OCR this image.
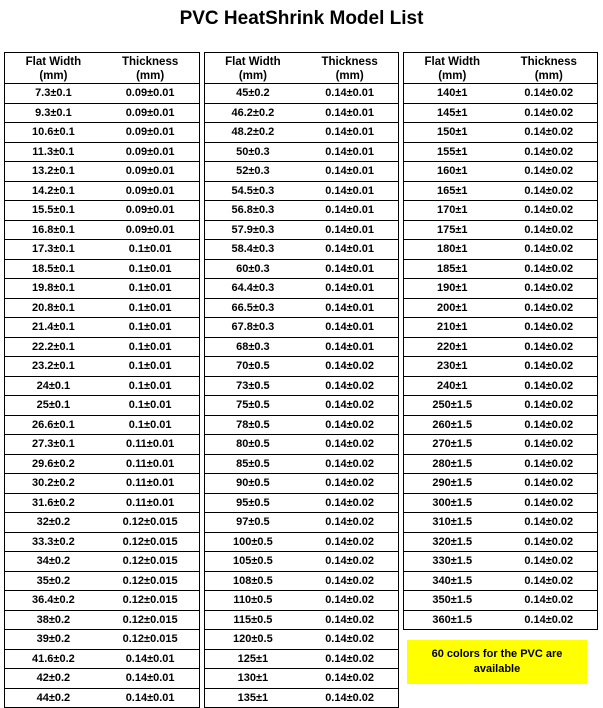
PVC HeatShrink Model List
Flat Width
(mm)
Thickness
(mm)
7.3±0.1	0.09±0.01
9.3±0.1	0.09±0.01
10.6±0.1	0.09±0.01
11.3±0.1	0.09±0.01
13.2±0.1	0.09±0.01
14.2±0.1	0.09±0.01
15.5±0.1	0.09±0.01
16.8±0.1	0.09±0.01
17.3±0.1	0.1±0.01
18.5±0.1	0.1±0.01
19.8±0.1	0.1±0.01
20.8±0.1	0.1±0.01
21.4±0.1	0.1±0.01
22.2±0.1	0.1±0.01
23.2±0.1	0.1±0.01
24±0.1	0.1±0.01
25±0.1	0.1±0.01
26.6±0.1	0.1±0.01
27.3±0.1	0.11±0.01
29.6±0.2	0.11±0.01
30.2±0.2	0.11±0.01
31.6±0.2	0.11±0.01
32±0.2	0.12±0.015
33.3±0.2	0.12±0.015
34±0.2	0.12±0.015
35±0.2	0.12±0.015
36.4±0.2	0.12±0.015
38±0.2	0.12±0.015
39±0.2	0.12±0.015
41.6±0.2	0.14±0.01
42±0.2	0.14±0.01
44±0.2	0.14±0.01
Flat Width
(mm)
Thickness
(mm)
45±0.2	0.14±0.01
46.2±0.2	0.14±0.01
48.2±0.2	0.14±0.01
50±0.3	0.14±0.01
52±0.3	0.14±0.01
54.5±0.3	0.14±0.01
56.8±0.3	0.14±0.01
57.9±0.3	0.14±0.01
58.4±0.3	0.14±0.01
60±0.3	0.14±0.01
64.4±0.3	0.14±0.01
66.5±0.3	0.14±0.01
67.8±0.3	0.14±0.01
68±0.3	0.14±0.01
70±0.5	0.14±0.02
73±0.5	0.14±0.02
75±0.5	0.14±0.02
78±0.5	0.14±0.02
80±0.5	0.14±0.02
85±0.5	0.14±0.02
90±0.5	0.14±0.02
95±0.5	0.14±0.02
97±0.5	0.14±0.02
100±0.5	0.14±0.02
105±0.5	0.14±0.02
108±0.5	0.14±0.02
110±0.5	0.14±0.02
115±0.5	0.14±0.02
120±0.5	0.14±0.02
125±1	0.14±0.02
130±1	0.14±0.02
135±1	0.14±0.02
Flat Width
(mm)
Thickness
(mm)
140±1	0.14±0.02
145±1	0.14±0.02
150±1	0.14±0.02
155±1	0.14±0.02
160±1	0.14±0.02
165±1	0.14±0.02
170±1	0.14±0.02
175±1	0.14±0.02
180±1	0.14±0.02
185±1	0.14±0.02
190±1	0.14±0.02
200±1	0.14±0.02
210±1	0.14±0.02
220±1	0.14±0.02
230±1	0.14±0.02
240±1	0.14±0.02
250±1.5	0.14±0.02
260±1.5	0.14±0.02
270±1.5	0.14±0.02
280±1.5	0.14±0.02
290±1.5	0.14±0.02
300±1.5	0.14±0.02
310±1.5	0.14±0.02
320±1.5	0.14±0.02
330±1.5	0.14±0.02
340±1.5	0.14±0.02
350±1.5	0.14±0.02
360±1.5	0.14±0.02
60 colors for the PVC are available
